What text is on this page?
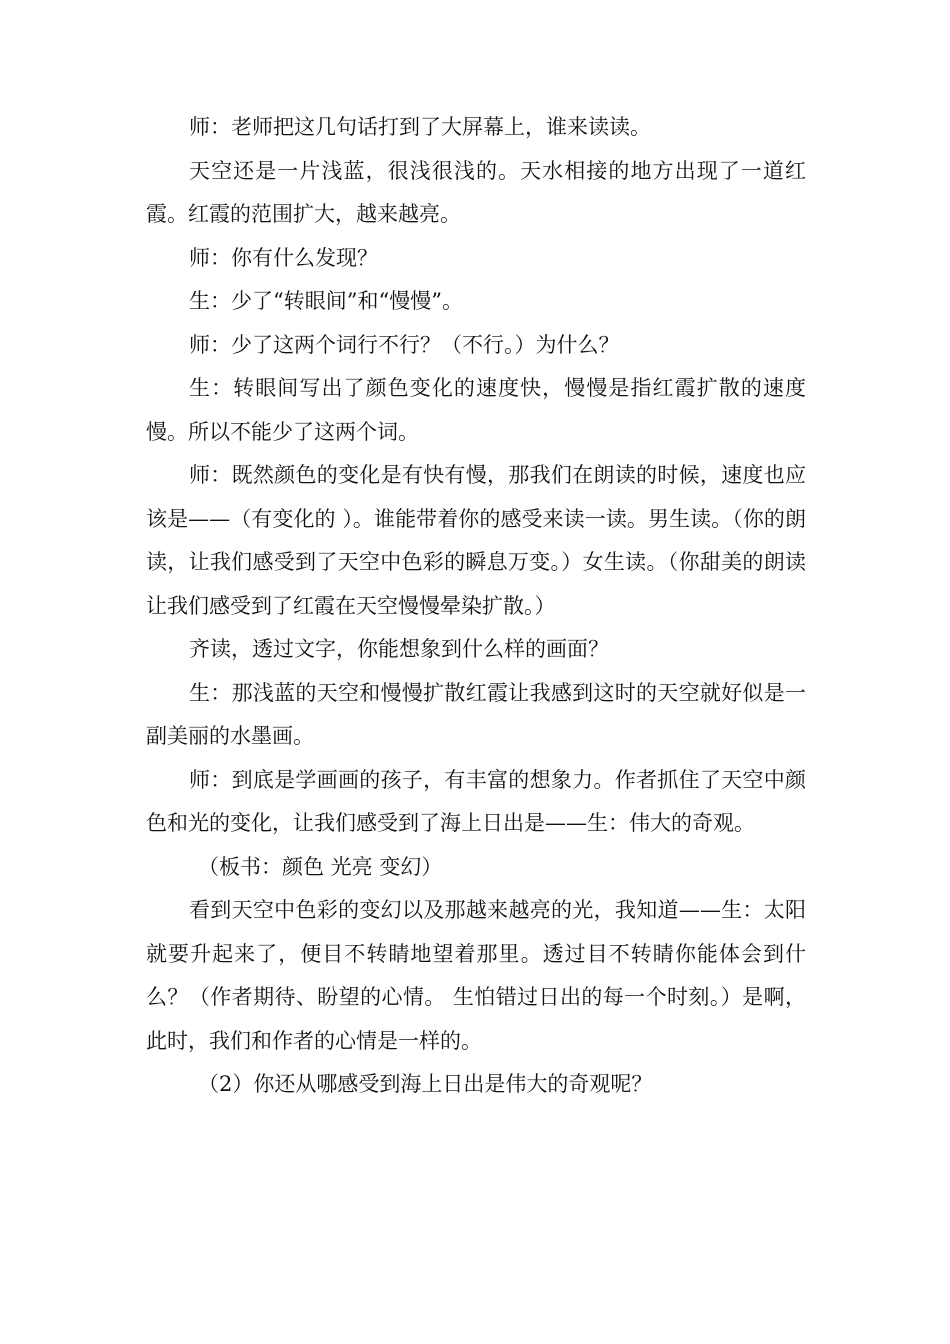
师：老师把这几句话打到了大屏幕上，谁来读读。

天空还是一片浅蓝，很浅很浅的。天水相接的地方出现了一道红霞。红霞的范围扩大，越来越亮。

师：你有什么发现？

生：少了“转眼间”和“慢慢”。

师：少了这两个词行不行？（不行。）为什么？

生：转眼间写出了颜色变化的速度快，慢慢是指红霞扩散的速度慢。所以不能少了这两个词。

师：既然颜色的变化是有快有慢，那我们在朗读的时候，速度也应该是——（有变化的 ）。谁能带着你的感受来读一读。男生读。（你的朗读，让我们感受到了天空中色彩的瞬息万变。）女生读。（你甜美的朗读让我们感受到了红霞在天空慢慢晕染扩散。）

齐读，透过文字，你能想象到什么样的画面？

生：那浅蓝的天空和慢慢扩散红霞让我感到这时的天空就好似是一副美丽的水墨画。

师：到底是学画画的孩子，有丰富的想象力。作者抓住了天空中颜色和光的变化，让我们感受到了海上日出是——生：伟大的奇观。

（板书：颜色 光亮 变幻）

看到天空中色彩的变幻以及那越来越亮的光，我知道——生：太阳就要升起来了，便目不转睛地望着那里。透过目不转睛你能体会到什么？（作者期待、盼望的心情。 生怕错过日出的每一个时刻。）是啊，此时，我们和作者的心情是一样的。

（2）你还从哪感受到海上日出是伟大的奇观呢？
